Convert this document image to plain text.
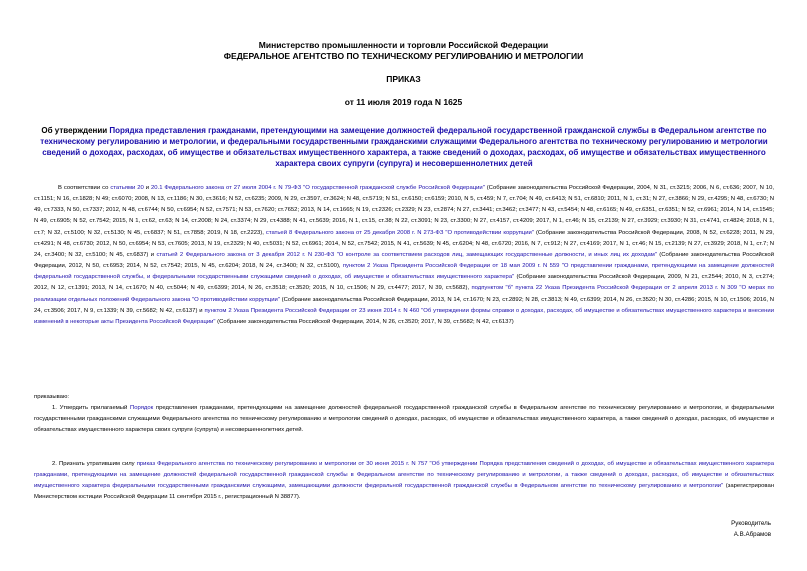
Министерство промышленности и торговли Российской Федерации
ФЕДЕРАЛЬНОЕ АГЕНТСТВО ПО ТЕХНИЧЕСКОМУ РЕГУЛИРОВАНИЮ И МЕТРОЛОГИИ
ПРИКАЗ
от 11 июля 2019 года N 1625
Об утверждении Порядка представления гражданами, претендующими на замещение должностей федеральной государственной гражданской службы в Федеральном агентстве по техническому регулированию и метрологии, и федеральными государственными гражданскими служащими Федерального агентства по техническому регулированию и метрологии сведений о доходах, расходах, об имуществе и обязательствах имущественного характера, а также сведений о доходах, расходах, об имуществе и обязательствах имущественного характера своих супруги (супруга) и несовершеннолетних детей
В соответствии со статьями 20 и 20.1 Федерального закона от 27 июля 2004 г. N 79-ФЗ "О государственной гражданской службе Российской Федерации" (Собрание законодательства Российской Федерации, 2004, N 31, ст.3215; 2006, N 6, ст.636; 2007, N 10, ст.1151; N 16, ст.1828; N 49; ст.6070; 2008, N 13, ст.1186; N 30, ст.3616; N 52, ст.6235; 2009, N 29, ст.3597, ст.3624; N 48, ст.5719; N 51, ст.6150; ст.6159; 2010, N 5, ст.459; N 7, ст.704; N 49, ст.6413; N 51, ст.6810; 2011, N 1, ст.31; N 27, ст.3866; N 29, ст.4295; N 48, ст.6730; N 49, ст.7333, N 50, ст.7337; 2012, N 48, ст.6744; N 50, ст.6954; N 52, ст.7571; N 53, ст.7620; ст.7652; 2013, N 14, ст.1665; N 19, ст.2326; ст.2329; N 23, ст.2874; N 27, ст.3441; ст.3462; ст.3477; N 43, ст.5454; N 48, ст.6165; N 49, ст.6351, ст.6351; N 52, ст.6961; 2014, N 14, ст.1545; N 49, ст.6905; N 52, ст.7542; 2015, N 1, ст.62, ст.63; N 14, ст.2008; N 24, ст.3374; N 29, ст.4388; N 41, ст.5639; 2016, N 1, ст.15, ст.38; N 22, ст.3091; N 23, ст.3300; N 27, ст.4157, ст.4209; 2017, N 1, ст.46; N 15, ст.2139; N 27, ст.3929; ст.3930; N 31, ст.4741, ст.4824; 2018, N 1, ст.7; N 32, ст.5100; N 32, ст.5130; N 45, ст.6837; N 51, ст.7858; 2019, N 18, ст.2223), статьей 8 Федерального закона от 25 декабря 2008 г. N 273-ФЗ "О противодействии коррупции" (Собрание законодательства Российской Федерации, 2008, N 52, ст.6228; 2011, N 29, ст.4291; N 48, ст.6730; 2012, N 50, ст.6954; N 53, ст.7605; 2013, N 19, ст.2329; N 40, ст.5031; N 52, ст.6961; 2014, N 52, ст.7542; 2015, N 41, ст.5639; N 45, ст.6204; N 48, ст.6720; 2016, N 7, ст.912; N 27, ст.4169; 2017, N 1, ст.46; N 15, ст.2139; N 27, ст.3929; 2018, N 1, ст.7; N 24, ст.3400; N 32, ст.5100; N 45, ст.6837) и статьей 2 Федерального закона от 3 декабря 2012 г. N 230-ФЗ "О контроле за соответствием расходов лиц, замещающих государственные должности, и иных лиц их доходам" (Собрание законодательства Российской Федерации, 2012, N 50, ст.6953; 2014, N 52, ст.7542; 2015, N 45, ст.6204; 2018, N 24, ст.3400; N 32, ст.5100), пунктом 2 Указа Президента Российской Федерации от 18 мая 2009 г. N 559 "О представлении гражданами, претендующими на замещение должностей федеральной государственной службы, и федеральными государственными служащими сведений о доходах, об имуществе и обязательствах имущественного характера" (Собрание законодательства Российской Федерации, 2009, N 21, ст.2544; 2010, N 3, ст.274; 2012, N 12, ст.1391; 2013, N 14, ст.1670; N 40, ст.5044; N 49, ст.6399; 2014, N 26, ст.3518; ст.3520; 2015, N 10, ст.1506; N 29, ст.4477; 2017, N 39, ст.5682), подпунктом "б" пункта 22 Указа Президента Российской Федерации от 2 апреля 2013 г. N 309 "О мерах по реализации отдельных положений Федерального закона "О противодействии коррупции" (Собрание законодательства Российской Федерации, 2013, N 14, ст.1670; N 23, ст.2892; N 28, ст.3813; N 49, ст.6399; 2014, N 26, ст.3520; N 30, ст.4286; 2015, N 10, ст.1506; 2016, N 24, ст.3506; 2017, N 9, ст.1339; N 39, ст.5682; N 42, ст.6137) и пунктом 2 Указа Президента Российской Федерации от 23 июня 2014 г. N 460 "Об утверждении формы справки о доходах, расходах, об имуществе и обязательствах имущественного характера и внесении изменений в некоторые акты Президента Российской Федерации" (Собрание законодательства Российской Федерации, 2014, N 26, ст.3520; 2017, N 39, ст.5682; N 42, ст.6137)
приказываю:
1. Утвердить прилагаемый Порядок представления гражданами, претендующими на замещение должностей федеральной государственной гражданской службы в Федеральном агентстве по техническому регулированию и метрологии, и федеральными государственными гражданскими служащими Федерального агентства по техническому регулированию и метрологии сведений о доходах, расходах, об имуществе и обязательствах имущественного характера, а также сведений о доходах, расходах, об имуществе и обязательствах имущественного характера своих супруги (супруга) и несовершеннолетних детей.
2. Признать утратившим силу приказ Федерального агентства по техническому регулированию и метрологии от 30 июня 2015 г. N 757 "Об утверждении Порядка представления сведений о доходах, об имуществе и обязательствах имущественного характера гражданами, претендующими на замещение должностей федеральной государственной гражданской службы в Федеральном агентстве по техническому регулированию и метрологии, а также сведений о доходах, расходах, об имуществе и обязательствах имущественного характера федеральными государственными гражданскими служащими, замещающими должности федеральной государственной гражданской службы в Федеральном агентстве по техническому регулированию и метрологии" (зарегистрирован Министерством юстиции Российской Федерации 11 сентября 2015 г., регистрационный N 38877).
Руководитель
А.В.Абрамов
